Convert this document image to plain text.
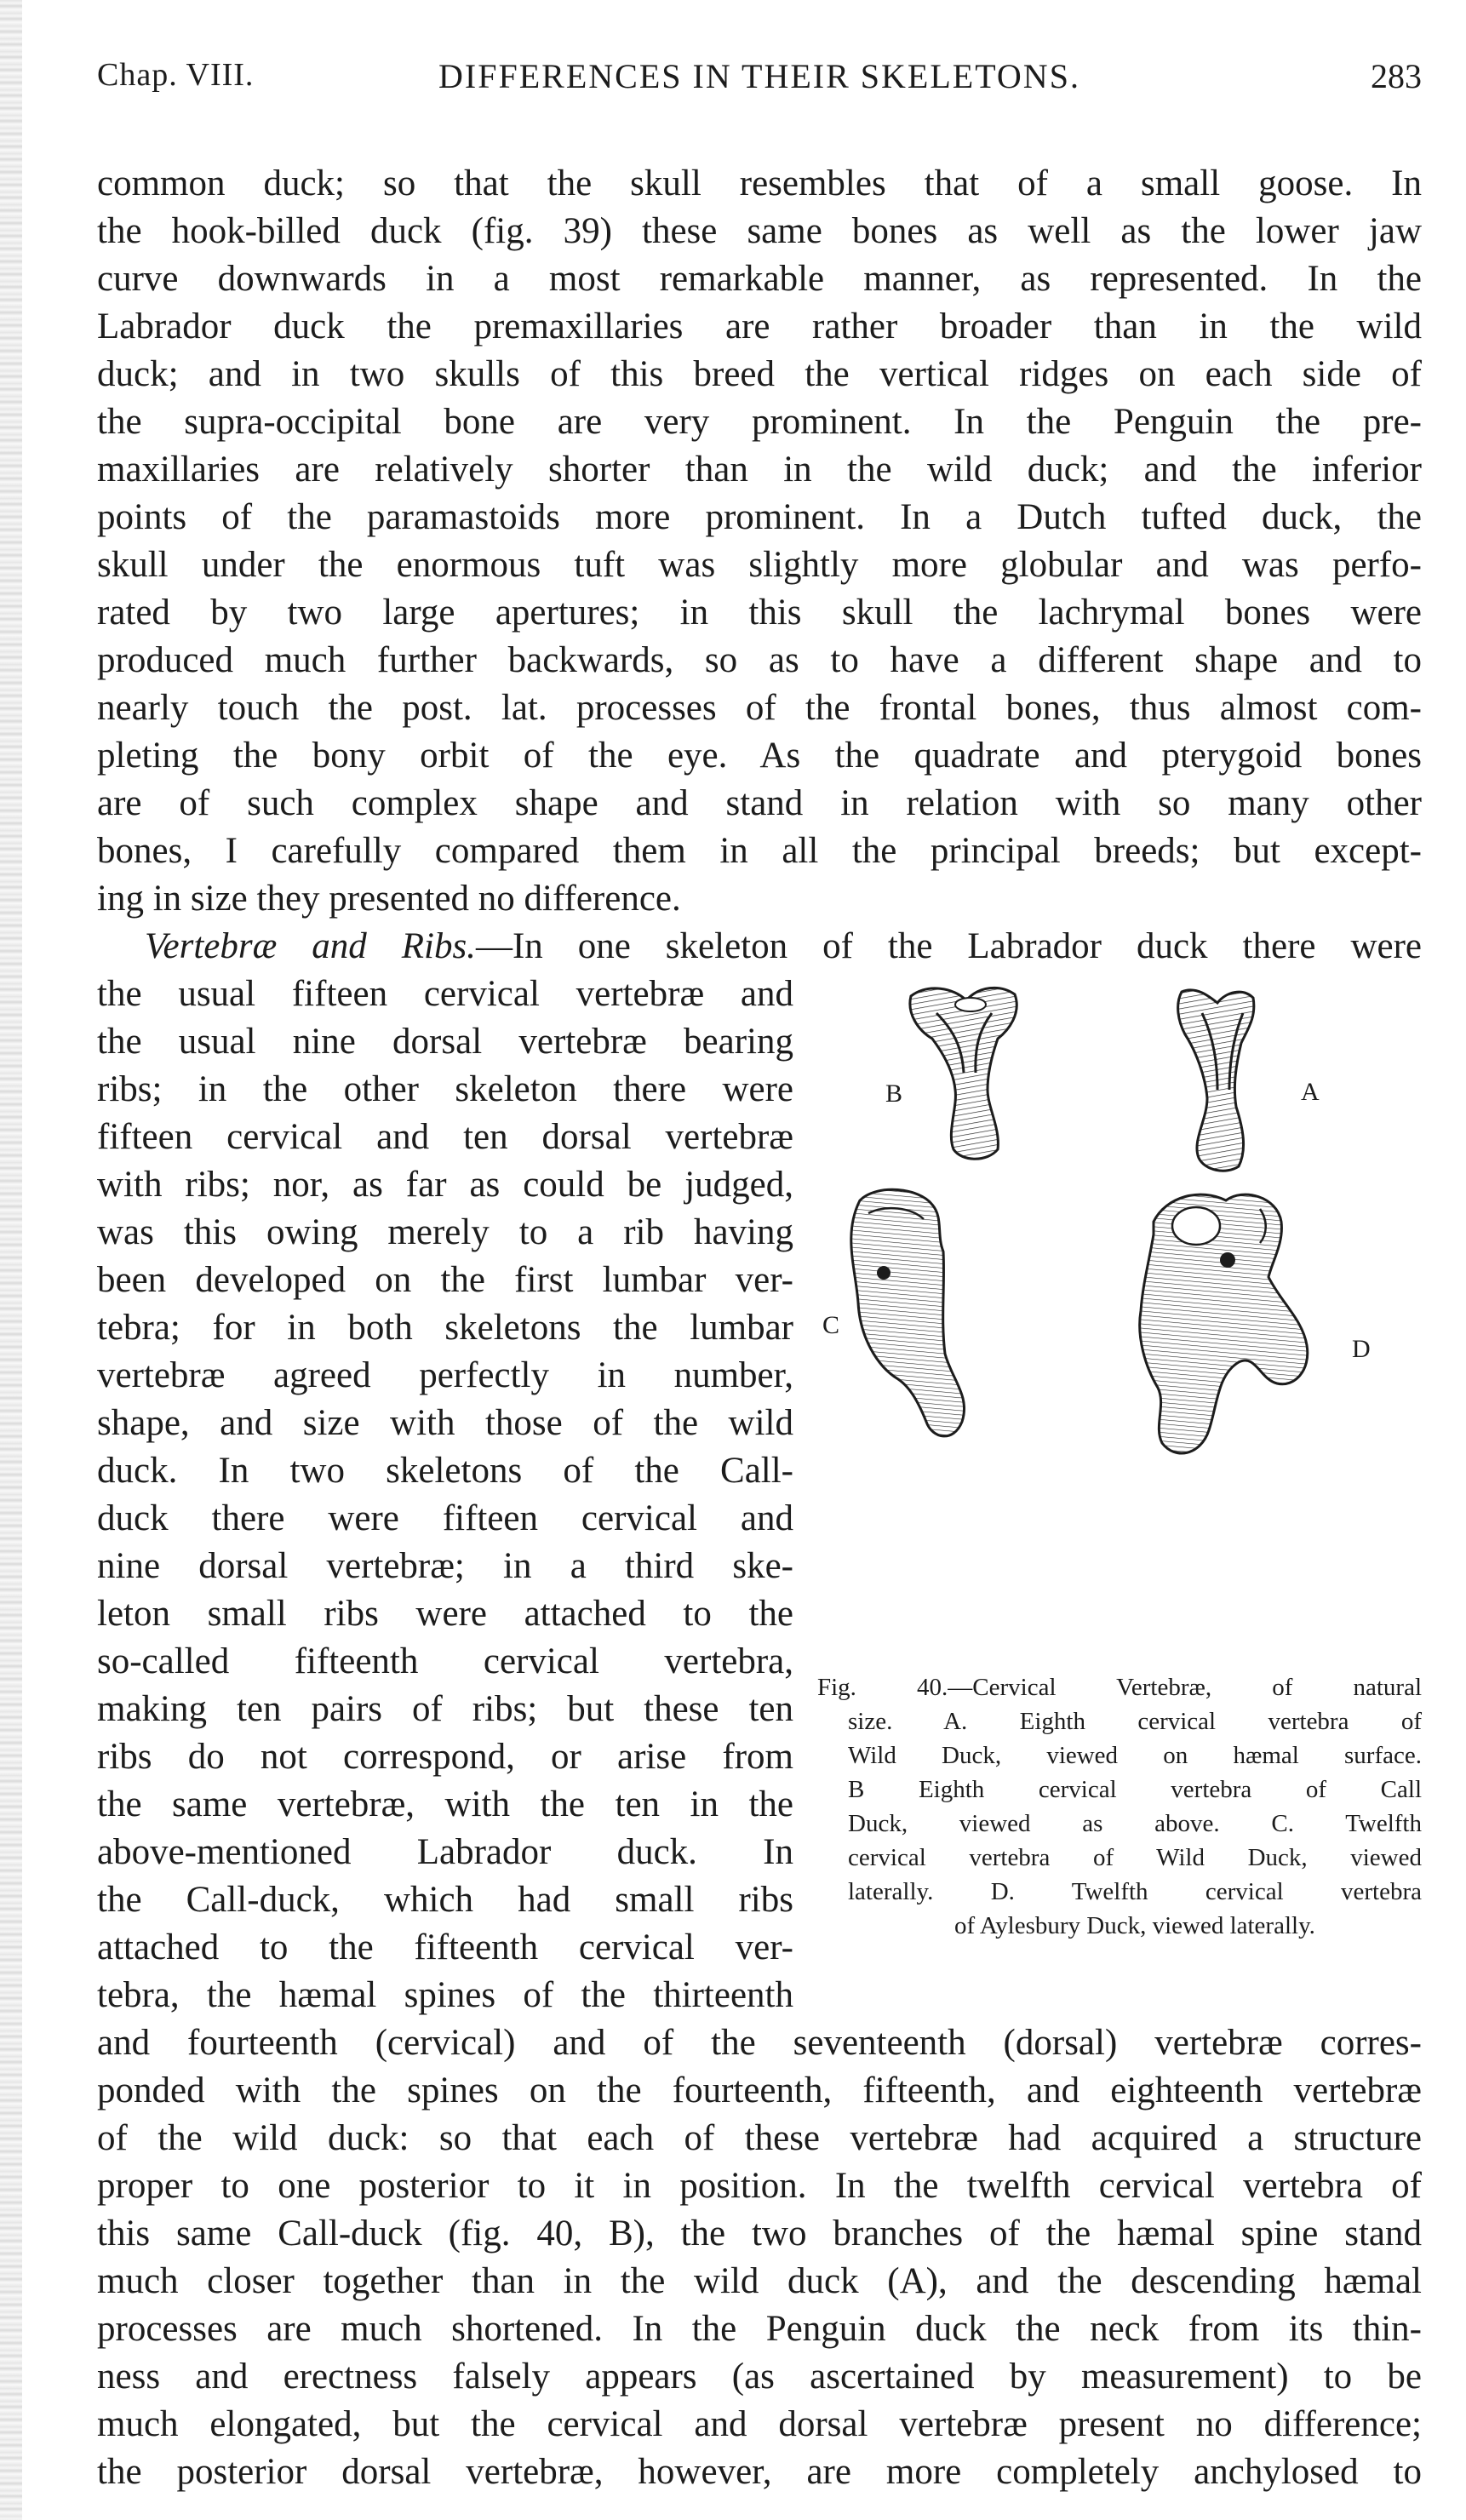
Chap. VIII.	DIFFERENCES IN THEIR SKELETONS.	283
common duck; so that the skull resembles that of a small goose. In
the hook-billed duck (fig. 39) these same bones as well as the lower jaw
curve downwards in a most remarkable manner, as represented. In the
Labrador duck the premaxillaries are rather broader than in the wild
duck; and in two skulls of this breed the vertical ridges on each side of
the supra-occipital bone are very prominent. In the Penguin the pre-
maxillaries are relatively shorter than in the wild duck; and the inferior
points of the paramastoids more prominent. In a Dutch tufted duck, the
skull under the enormous tuft was slightly more globular and was perfo-
rated by two large apertures; in this skull the lachrymal bones were
produced much further backwards, so as to have a different shape and to
nearly touch the post. lat. processes of the frontal bones, thus almost com-
pleting the bony orbit of the eye. As the quadrate and pterygoid bones
are of such complex shape and stand in relation with so many other
bones, I carefully compared them in all the principal breeds; but except-
ing in size they presented no difference.
Vertebræ and Ribs.—In one skeleton of the Labrador duck there were
the usual fifteen cervical vertebræ and
the usual nine dorsal vertebræ bearing
ribs; in the other skeleton there were
fifteen cervical and ten dorsal vertebræ
with ribs; nor, as far as could be judged,
was this owing merely to a rib having
been developed on the first lumbar ver-
tebra; for in both skeletons the lumbar
vertebræ agreed perfectly in number,
shape, and size with those of the wild
duck. In two skeletons of the Call-
duck there were fifteen cervical and
nine dorsal vertebræ; in a third ske-
leton small ribs were attached to the
so-called fifteenth cervical vertebra,
making ten pairs of ribs; but these ten
ribs do not correspond, or arise from
the same vertebræ, with the ten in the
above-mentioned Labrador duck. In
the Call-duck, which had small ribs
attached to the fifteenth cervical ver-
tebra, the hæmal spines of the thirteenth
and fourteenth (cervical) and of the seventeenth (dorsal) vertebræ corres-
ponded with the spines on the fourteenth, fifteenth, and eighteenth vertebræ
of the wild duck: so that each of these vertebræ had acquired a structure
proper to one posterior to it in position. In the twelfth cervical vertebra of
this same Call-duck (fig. 40, B), the two branches of the hæmal spine stand
much closer together than in the wild duck (A), and the descending hæmal
processes are much shortened. In the Penguin duck the neck from its thin-
ness and erectness falsely appears (as ascertained by measurement) to be
much elongated, but the cervical and dorsal vertebræ present no difference;
the posterior dorsal vertebræ, however, are more completely anchylosed to
B	A
C
D
Fig. 40.—Cervical Vertebræ, of natural
size. A. Eighth cervical vertebra of
Wild Duck, viewed on hæmal surface.
B Eighth cervical vertebra of Call
Duck, viewed as above. C. Twelfth
cervical vertebra of Wild Duck, viewed
laterally. D. Twelfth cervical vertebra
of Aylesbury Duck, viewed laterally.
